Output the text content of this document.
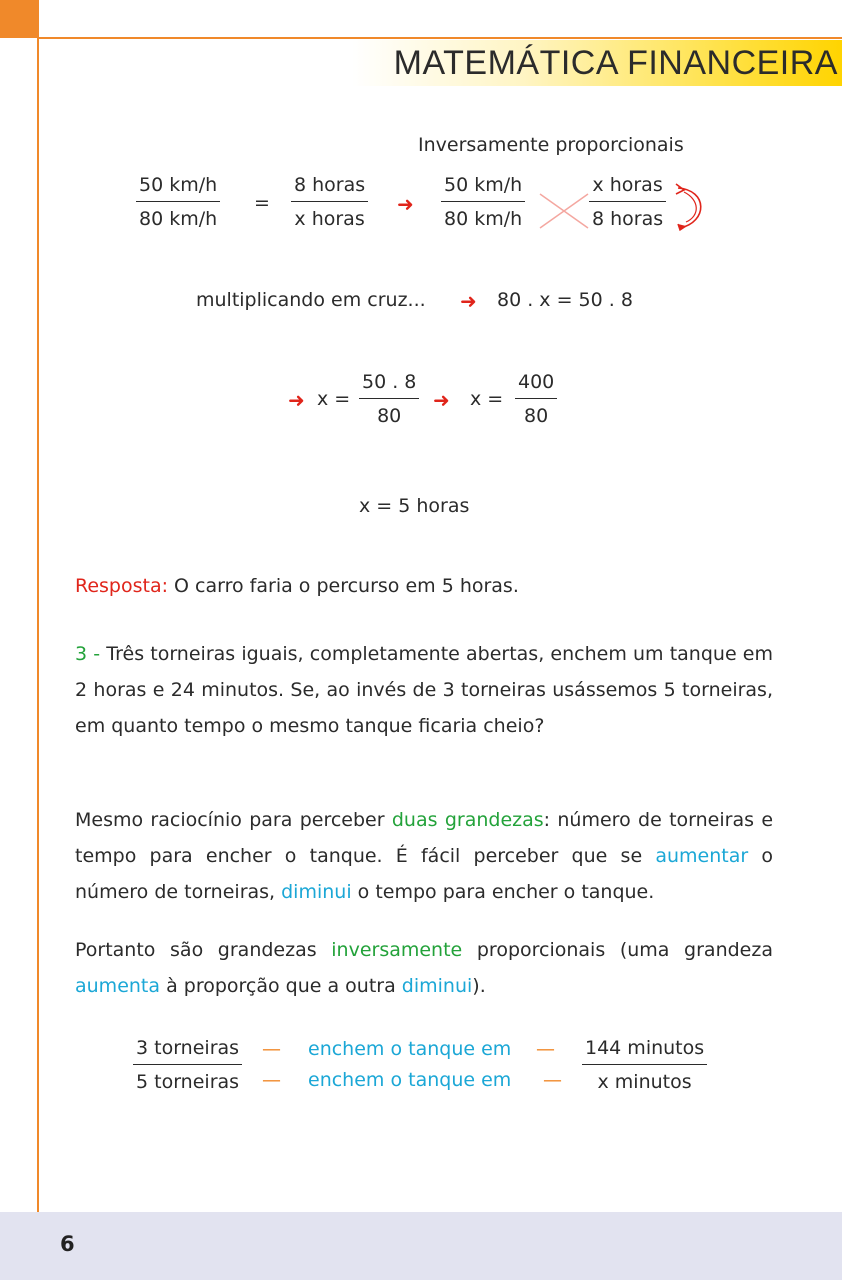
MATEMÁTICA FINANCEIRA
Inversamente proporcionais
$\frac{50 km/h}{80 km/h}$ =
8 horas
x horas
➜ $\frac{50 km/h}{80 km/h}$	x horas
8 horas
multiplicando em cruz... ➜ 80 . x = 50 . 8
➜ $x = \frac{50 . 8}{80}$ ➜ $x = \frac{400}{80}$
x = 5 horas
Resposta: O carro faria o percurso em 5 horas.
3 - Três torneiras iguais, completamente abertas, enchem um tanque em 2 horas e 24 minutos. Se, ao invés de 3 torneiras usássemos 5 torneiras, em quanto tempo o mesmo tanque ficaria cheio?
Mesmo raciocínio para perceber duas grandezas: número de torneiras e tempo para encher o tanque. É fácil perceber que se aumentar o número de torneiras, diminui o tempo para encher o tanque.
Portanto são grandezas inversamente proporcionais (uma grandeza aumenta à proporção que a outra diminui).
3 torneiras
5 torneiras
—
—
enchem o tanque em
enchem o tanque em
—
—
144 minutos
x minutos
6
